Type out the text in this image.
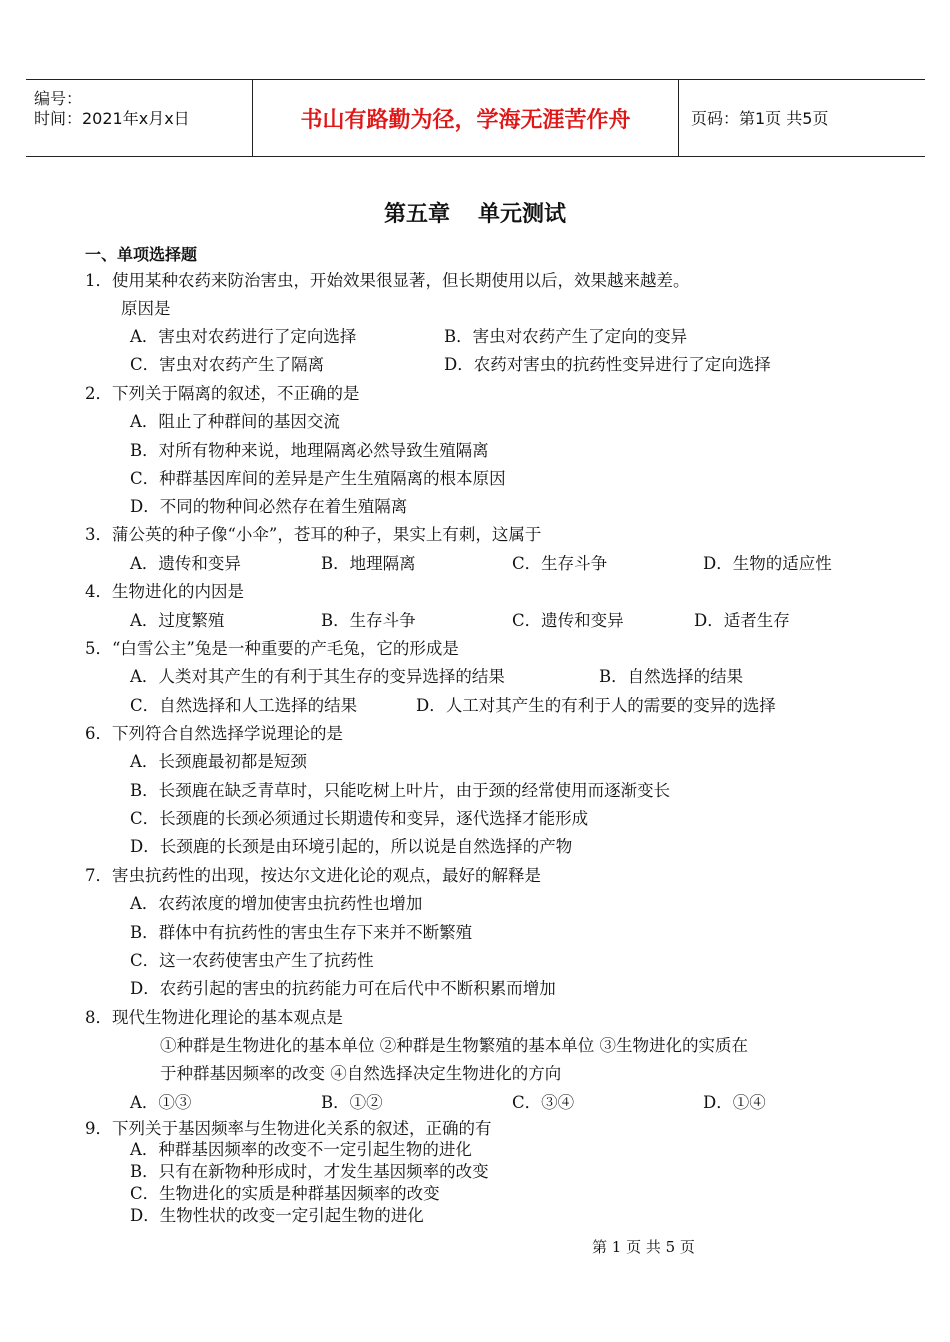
编号：
时间：2021年x月x日	书山有路勤为径，学海无涯苦作舟	页码：第1页 共5页
第五章 单元测试
一、单项选择题
1．使用某种农药来防治害虫，开始效果很显著，但长期使用以后，效果越来越差。
原因是
A．害虫对农药进行了定向选择	B．害虫对农药产生了定向的变异
C．害虫对农药产生了隔离	D．农药对害虫的抗药性变异进行了定向选择
2．下列关于隔离的叙述，不正确的是
A．阻止了种群间的基因交流
B．对所有物种来说，地理隔离必然导致生殖隔离
C．种群基因库间的差异是产生生殖隔离的根本原因
D．不同的物种间必然存在着生殖隔离
3．蒲公英的种子像“小伞”，苍耳的种子，果实上有刺，这属于
A．遗传和变异	B．地理隔离	C．生存斗争	D．生物的适应性
4．生物进化的内因是
A．过度繁殖	B．生存斗争	C．遗传和变异	D．适者生存
5．“白雪公主”兔是一种重要的产毛兔，它的形成是
A．人类对其产生的有利于其生存的变异选择的结果	B．自然选择的结果
C．自然选择和人工选择的结果	D．人工对其产生的有利于人的需要的变异的选择
6．下列符合自然选择学说理论的是
A．长颈鹿最初都是短颈
B．长颈鹿在缺乏青草时，只能吃树上叶片，由于颈的经常使用而逐渐变长
C．长颈鹿的长颈必须通过长期遗传和变异，逐代选择才能形成
D．长颈鹿的长颈是由环境引起的，所以说是自然选择的产物
7．害虫抗药性的出现，按达尔文进化论的观点，最好的解释是
A．农药浓度的增加使害虫抗药性也增加
B．群体中有抗药性的害虫生存下来并不断繁殖
C．这一农药使害虫产生了抗药性
D．农药引起的害虫的抗药能力可在后代中不断积累而增加
8．现代生物进化理论的基本观点是
①种群是生物进化的基本单位 ②种群是生物繁殖的基本单位 ③生物进化的实质在
于种群基因频率的改变 ④自然选择决定生物进化的方向
A．①③	B．①②	C．③④	D．①④
9．下列关于基因频率与生物进化关系的叙述，正确的有
A．种群基因频率的改变不一定引起生物的进化
B．只有在新物种形成时，才发生基因频率的改变
C．生物进化的实质是种群基因频率的改变
D．生物性状的改变一定引起生物的进化
第 1 页 共 5 页
